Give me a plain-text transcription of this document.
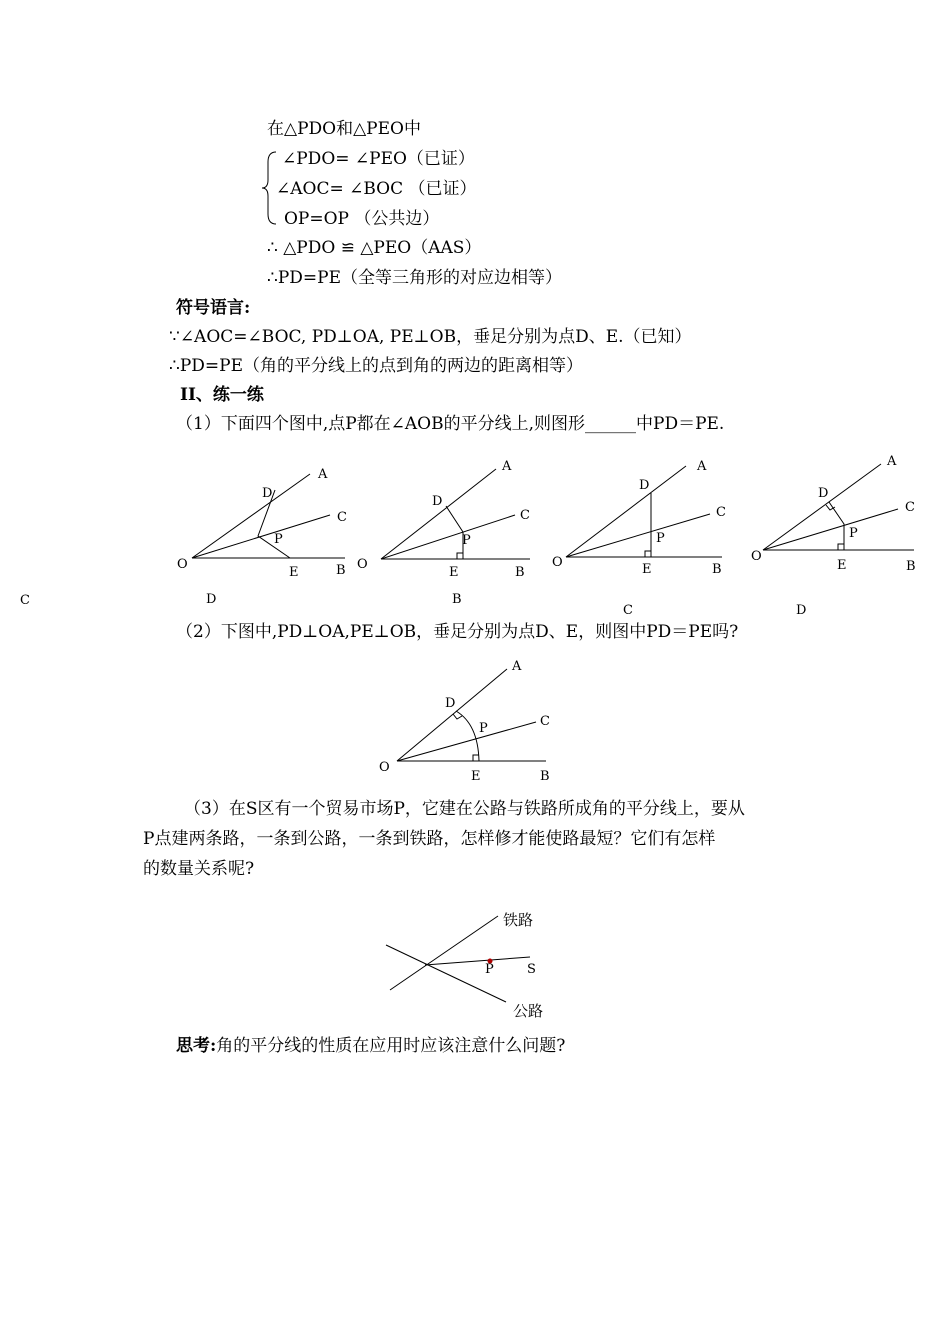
在△PDO和△PEO中
∠PDO= ∠PEO（已证）
∠AOC= ∠BOC （已证）
OP=OP （公共边）
∴ △PDO ≌ △PEO（AAS）
∴PD=PE（全等三角形的对应边相等）
符号语言:
∵∠AOC=∠BOC, PD⊥OA, PE⊥OB，垂足分别为点D、E.（已知）
∴PD=PE（角的平分线上的点到角的两边的距离相等）
II、练一练
（1）下面四个图中,点P都在∠AOB的平分线上,则图形______中PD＝PE.
A
C
B
D
P
E
O
A
C
B
D
P
E
O
A
C
B
D
P
E
O
A
C
B
D
P
E
O
C	D	B
C	D
（2）下图中,PD⊥OA,PE⊥OB，垂足分别为点D、E，则图中PD＝PE吗?
A
C
B
D
P
E
O
（3）在S区有一个贸易市场P，它建在公路与铁路所成角的平分线上，要从
P点建两条路，一条到公路，一条到铁路，怎样修才能使路最短？它们有怎样
的数量关系呢?
P	S
铁路
公路
思考:角的平分线的性质在应用时应该注意什么问题?
